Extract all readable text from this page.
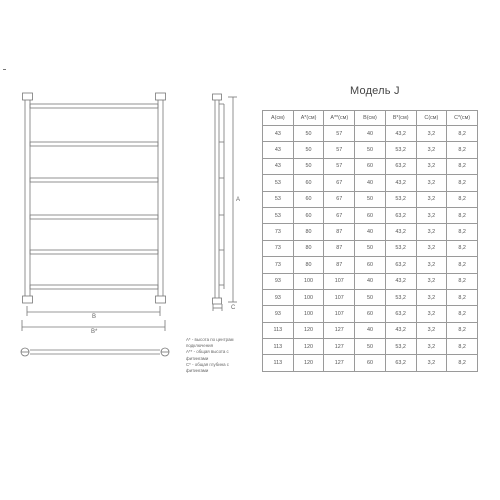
B
B*
A
C
A* - высота по центрам
подключения
A** - общая высота с
фитингами
C* - общая глубина с
фитингами
Модель J
A(см)	A*(см)	A**(см)	B(см)	B*(см)	C(см)	C*(см)
43	50	57	40	43,2	3,2	8,2
43	50	57	50	53,2	3,2	8,2
43	50	57	60	63,2	3,2	8,2
53	60	67	40	43,2	3,2	8,2
53	60	67	50	53,2	3,2	8,2
53	60	67	60	63,2	3,2	8,2
73	80	87	40	43,2	3,2	8,2
73	80	87	50	53,2	3,2	8,2
73	80	87	60	63,2	3,2	8,2
93	100	107	40	43,2	3,2	8,2
93	100	107	50	53,2	3,2	8,2
93	100	107	60	63,2	3,2	8,2
113	120	127	40	43,2	3,2	8,2
113	120	127	50	53,2	3,2	8,2
113	120	127	60	63,2	3,2	8,2
